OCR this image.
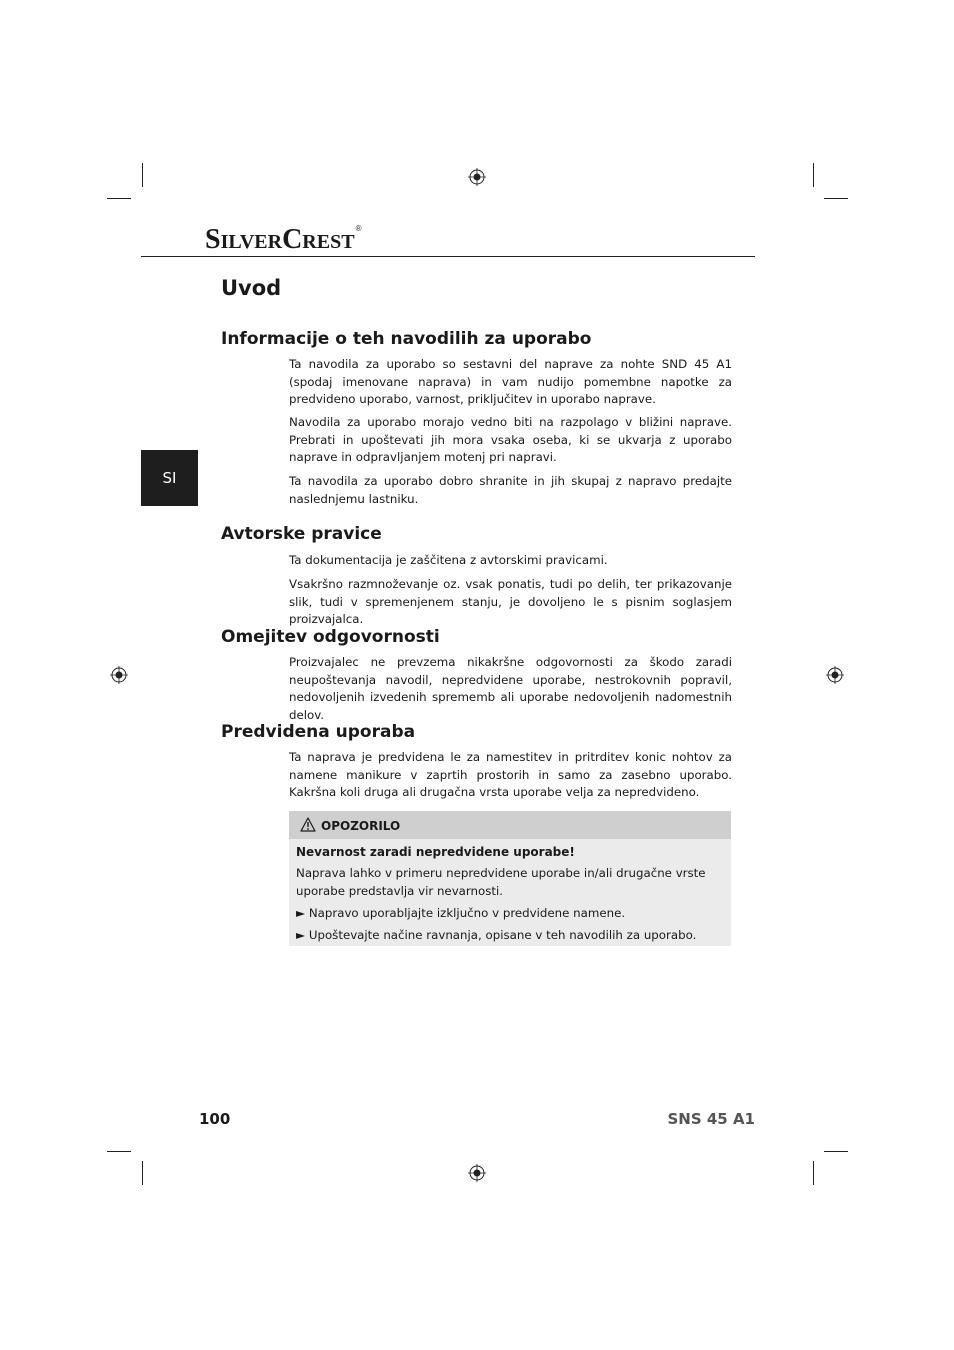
SilverCrest®
SI
Uvod
Informacije o teh navodilih za uporabo

Ta navodila za uporabo so sestavni del naprave za nohte SND 45 A1 (spodaj imenovane naprava) in vam nudijo pomembne napotke za predvideno uporabo, varnost, priključitev in uporabo naprave.

Navodila za uporabo morajo vedno biti na razpolago v bližini naprave. Prebrati in upoštevati jih mora vsaka oseba, ki se ukvarja z uporabo naprave in odpravljanjem motenj pri napravi.

Ta navodila za uporabo dobro shranite in jih skupaj z napravo predajte naslednjemu lastniku.

Avtorske pravice

Ta dokumentacija je zaščitena z avtorskimi pravicami.

Vsakršno razmnoževanje oz. vsak ponatis, tudi po delih, ter prikazovanje slik, tudi v spremenjenem stanju, je dovoljeno le s pisnim soglasjem proizvajalca.

Omejitev odgovornosti

Proizvajalec ne prevzema nikakršne odgovornosti za škodo zaradi neupoštevanja navodil, nepredvidene uporabe, nestrokovnih popravil, nedovoljenih izvedenih sprememb ali uporabe nedovoljenih nadomestnih delov.

Predvidena uporaba

Ta naprava je predvidena le za namestitev in pritrditev konic nohtov za namene manikure v zaprtih prostorih in samo za zasebno uporabo. Kakršna koli druga ali drugačna vrsta uporabe velja za nepredvideno.

OPOZORILO
Nevarnost zaradi nepredvidene uporabe!
Naprava lahko v primeru nepredvidene uporabe in/ali drugačne vrste uporabe predstavlja vir nevarnosti.
► Napravo uporabljajte izključno v predvidene namene.
► Upoštevajte načine ravnanja, opisane v teh navodilih za uporabo.
100	SNS 45 A1
